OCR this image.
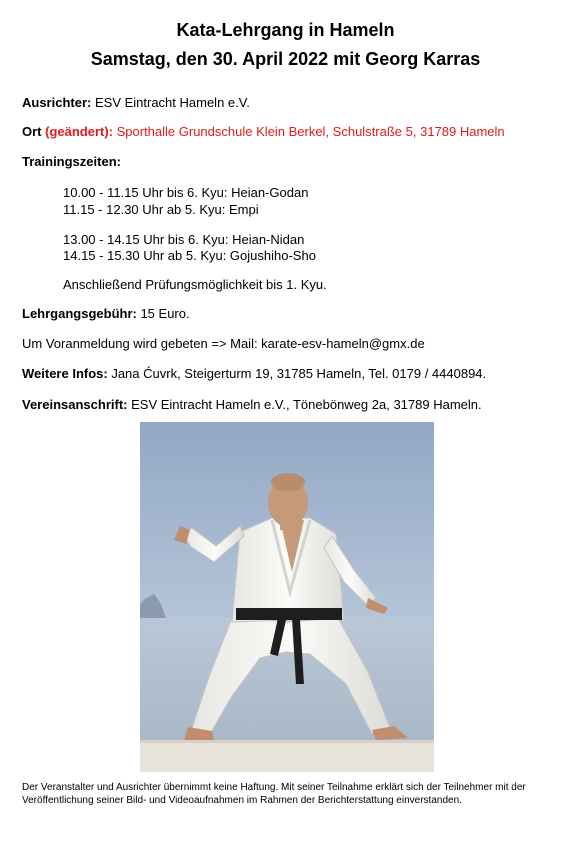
Kata-Lehrgang in Hameln
Samstag, den 30. April 2022 mit Georg Karras
Ausrichter: ESV Eintracht Hameln e.V.
Ort (geändert): Sporthalle Grundschule Klein Berkel, Schulstraße 5, 31789 Hameln
Trainingszeiten:
10.00 - 11.15 Uhr bis 6. Kyu: Heian-Godan
11.15 - 12.30 Uhr ab 5. Kyu: Empi
13.00 - 14.15 Uhr bis 6. Kyu: Heian-Nidan
14.15 - 15.30 Uhr ab 5. Kyu: Gojushiho-Sho
Anschließend Prüfungsmöglichkeit bis 1. Kyu.
Lehrgangsgebühr: 15 Euro.
Um Voranmeldung wird gebeten => Mail: karate-esv-hameln@gmx.de
Weitere Infos: Jana Ćuvrk, Steigerturm 19, 31785 Hameln, Tel. 0179 / 4440894.
Vereinsanschrift: ESV Eintracht Hameln e.V., Tönebönweg 2a, 31789 Hameln.
Der Veranstalter und Ausrichter übernimmt keine Haftung. Mit seiner Teilnahme erklärt sich der Teilnehmer mit der Veröffentlichung seiner Bild- und Videoaufnahmen im Rahmen der Berichterstattung einverstanden.
